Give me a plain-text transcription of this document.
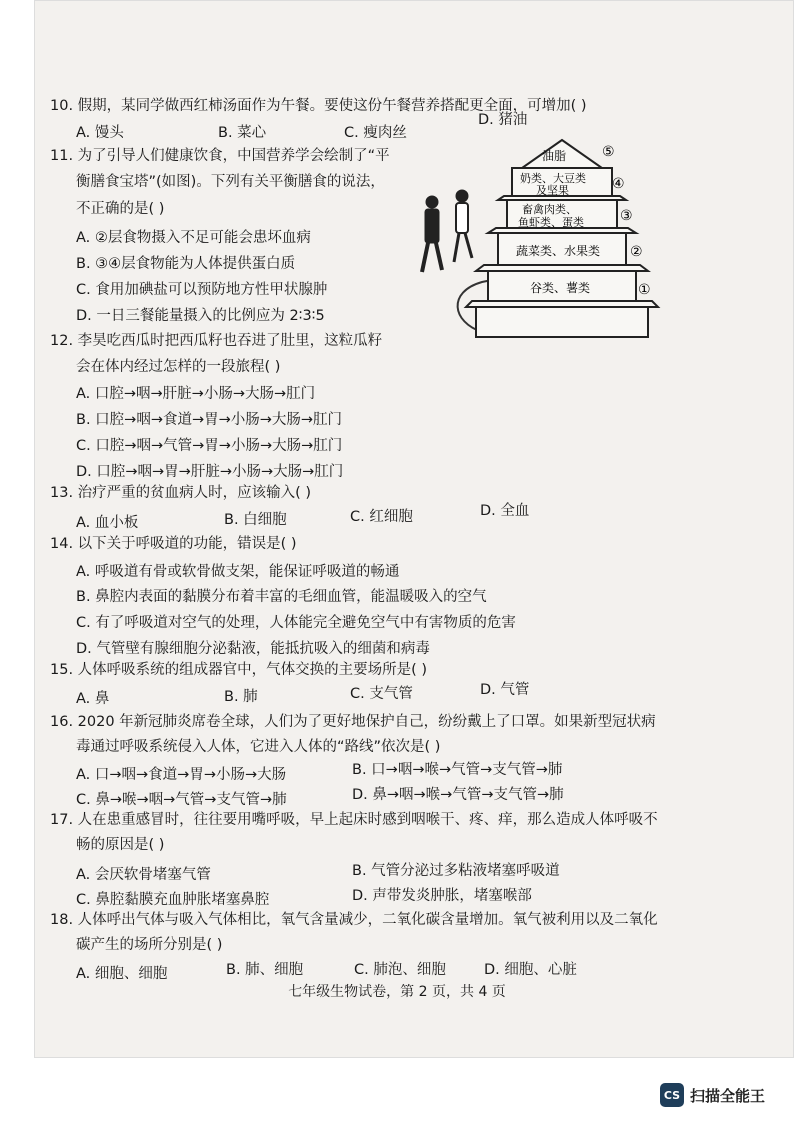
10. 假期，某同学做西红柿汤面作为午餐。要使这份午餐营养搭配更全面，可增加( )
A. 馒头	B. 菜心	C. 瘦肉丝
D. 猪油
11. 为了引导人们健康饮食，中国营养学会绘制了“平
衡膳食宝塔”(如图)。下列有关平衡膳食的说法，
不正确的是( )
A. ②层食物摄入不足可能会患坏血病
B. ③④层食物能为人体提供蛋白质
C. 食用加碘盐可以预防地方性甲状腺肿
D. 一日三餐能量摄入的比例应为 2∶3∶5
油脂	⑤
奶类、大豆类
及坚果	④
畜禽肉类、
鱼虾类、蛋类	③
蔬菜类、水果类 ②
谷类、薯类	①
12. 李昊吃西瓜时把西瓜籽也吞进了肚里，这粒瓜籽
会在体内经过怎样的一段旅程( )
A. 口腔→咽→肝脏→小肠→大肠→肛门
B. 口腔→咽→食道→胃→小肠→大肠→肛门
C. 口腔→咽→气管→胃→小肠→大肠→肛门
D. 口腔→咽→胃→肝脏→小肠→大肠→肛门
13. 治疗严重的贫血病人时，应该输入( )
A. 血小板	B. 白细胞	C. 红细胞	D. 全血
14. 以下关于呼吸道的功能，错误是( )
A. 呼吸道有骨或软骨做支架，能保证呼吸道的畅通
B. 鼻腔内表面的黏膜分布着丰富的毛细血管，能温暖吸入的空气
C. 有了呼吸道对空气的处理，人体能完全避免空气中有害物质的危害
D. 气管壁有腺细胞分泌黏液，能抵抗吸入的细菌和病毒
15. 人体呼吸系统的组成器官中，气体交换的主要场所是( )
A. 鼻	B. 肺	C. 支气管	D. 气管
16. 2020 年新冠肺炎席卷全球，人们为了更好地保护自己，纷纷戴上了口罩。如果新型冠状病
毒通过呼吸系统侵入人体，它进入人体的“路线”依次是( )
A. 口→咽→食道→胃→小肠→大肠	B. 口→咽→喉→气管→支气管→肺
C. 鼻→喉→咽→气管→支气管→肺	D. 鼻→咽→喉→气管→支气管→肺
17. 人在患重感冒时，往往要用嘴呼吸，早上起床时感到咽喉干、疼、痒，那么造成人体呼吸不
畅的原因是( )
A. 会厌软骨堵塞气管	B. 气管分泌过多粘液堵塞呼吸道
C. 鼻腔黏膜充血肿胀堵塞鼻腔	D. 声带发炎肿胀，堵塞喉部
18. 人体呼出气体与吸入气体相比，氧气含量减少，二氧化碳含量增加。氧气被利用以及二氧化
碳产生的场所分别是( )
A. 细胞、细胞	B. 肺、细胞	C. 肺泡、细胞	D. 细胞、心脏
七年级生物试卷，第 2 页，共 4 页
CS 扫描全能王
